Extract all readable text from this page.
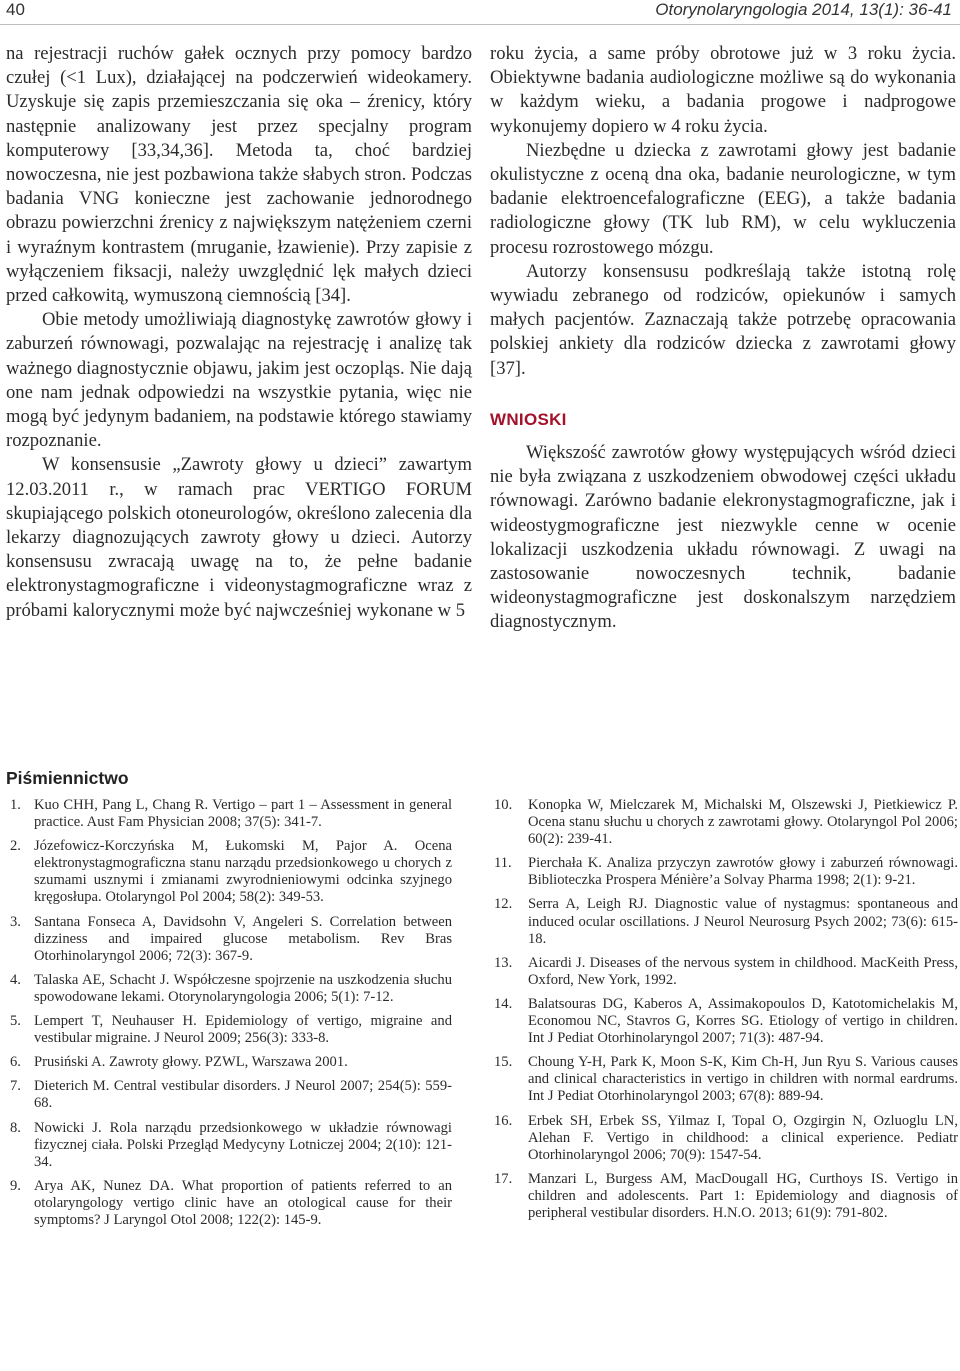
40	Otorynolaryngologia 2014, 13(1): 36-41

na rejestracji ruchów gałek ocznych przy pomocy bardzo czułej (<1 Lux), działającej na podczerwień wideokamery. Uzyskuje się zapis przemieszczania się oka – źrenicy, który następnie analizowany jest przez specjalny program komputerowy [33,34,36]. Metoda ta, choć bardziej nowoczesna, nie jest pozbawiona także słabych stron. Podczas badania VNG konieczne jest zachowanie jednorodnego obrazu powierzchni źrenicy z największym natężeniem czerni i wyraźnym kontrastem (mruganie, łzawienie). Przy zapisie z wyłączeniem fiksacji, należy uwzględnić lęk małych dzieci przed całkowitą, wymuszoną ciemnością [34].

Obie metody umożliwiają diagnostykę zawrotów głowy i zaburzeń równowagi, pozwalając na rejestrację i analizę tak ważnego diagnostycznie objawu, jakim jest oczopląs. Nie dają one nam jednak odpowiedzi na wszystkie pytania, więc nie mogą być jedynym badaniem, na podstawie którego stawiamy rozpoznanie.

W konsensusie „Zawroty głowy u dzieci” zawartym 12.03.2011 r., w ramach prac VERTIGO FORUM skupiającego polskich otoneurologów, określono zalecenia dla lekarzy diagnozujących zawroty głowy u dzieci. Autorzy konsensusu zwracają uwagę na to, że pełne badanie elektronystagmograficzne i videonystagmograficzne wraz z próbami kalorycznymi może być najwcześniej wykonane w 5

roku życia, a same próby obrotowe już w 3 roku życia. Obiektywne badania audiologiczne możliwe są do wykonania w każdym wieku, a badania progowe i nadprogowe wykonujemy dopiero w 4 roku życia.

Niezbędne u dziecka z zawrotami głowy jest badanie okulistyczne z oceną dna oka, badanie neurologiczne, w tym badanie elektroencefalograficzne (EEG), a także badania radiologiczne głowy (TK lub RM), w celu wykluczenia procesu rozrostowego mózgu.

Autorzy konsensusu podkreślają także istotną rolę wywiadu zebranego od rodziców, opiekunów i samych małych pacjentów. Zaznaczają także potrzebę opracowania polskiej ankiety dla rodziców dziecka z zawrotami głowy [37].

WNIOSKI

Większość zawrotów głowy występujących wśród dzieci nie była związana z uszkodzeniem obwodowej części układu równowagi. Zarówno badanie elekronystagmograficzne, jak i wideostygmograficzne jest niezwykle cenne w ocenie lokalizacji uszkodzenia układu równowagi. Z uwagi na zastosowanie nowoczesnych technik, badanie wideonystagmograficzne jest doskonalszym narzędziem diagnostycznym.

Piśmiennictwo
1. Kuo CHH, Pang L, Chang R. Vertigo – part 1 – Assessment in general practice. Aust Fam Physician 2008; 37(5): 341-7.
2. Józefowicz-Korczyńska M, Łukomski M, Pajor A. Ocena elektronystagmograficzna stanu narządu przedsionkowego u chorych z szumami usznymi i zmianami zwyrodnieniowymi odcinka szyjnego kręgosłupa. Otolaryngol Pol 2004; 58(2): 349-53.
3. Santana Fonseca A, Davidsohn V, Angeleri S. Correlation between dizziness and impaired glucose metabolism. Rev Bras Otorhinolaryngol 2006; 72(3): 367-9.
4. Talaska AE, Schacht J. Współczesne spojrzenie na uszkodzenia słuchu spowodowane lekami. Otorynolaryngologia 2006; 5(1): 7-12.
5. Lempert T, Neuhauser H. Epidemiology of vertigo, migraine and vestibular migraine. J Neurol 2009; 256(3): 333-8.
6. Prusiński A. Zawroty głowy. PZWL, Warszawa 2001.
7. Dieterich M. Central vestibular disorders. J Neurol 2007; 254(5): 559-68.
8. Nowicki J. Rola narządu przedsionkowego w układzie równowagi fizycznej ciała. Polski Przegląd Medycyny Lotniczej 2004; 2(10): 121-34.
9. Arya AK, Nunez DA. What proportion of patients referred to an otolaryngology vertigo clinic have an otological cause for their symptoms? J Laryngol Otol 2008; 122(2): 145-9.
10. Konopka W, Mielczarek M, Michalski M, Olszewski J, Pietkiewicz P. Ocena stanu słuchu u chorych z zawrotami głowy. Otolaryngol Pol 2006; 60(2): 239-41.
11. Pierchała K. Analiza przyczyn zawrotów głowy i zaburzeń równowagi. Biblioteczka Prospera Ménière’a Solvay Pharma 1998; 2(1): 9-21.
12. Serra A, Leigh RJ. Diagnostic value of nystagmus: spontaneous and induced ocular oscillations. J Neurol Neurosurg Psych 2002; 73(6): 615-18.
13. Aicardi J. Diseases of the nervous system in childhood. MacKeith Press, Oxford, New York, 1992.
14. Balatsouras DG, Kaberos A, Assimakopoulos D, Katotomichelakis M, Economou NC, Stavros G, Korres SG. Etiology of vertigo in children. Int J Pediat Otorhinolaryngol 2007; 71(3): 487-94.
15. Choung Y-H, Park K, Moon S-K, Kim Ch-H, Jun Ryu S. Various causes and clinical characteristics in vertigo in children with normal eardrums. Int J Pediat Otorhinolaryngol 2003; 67(8): 889-94.
16. Erbek SH, Erbek SS, Yilmaz I, Topal O, Ozgirgin N, Ozluoglu LN, Alehan F. Vertigo in childhood: a clinical experience. Pediatr Otorhinolaryngol 2006; 70(9): 1547-54.
17. Manzari L, Burgess AM, MacDougall HG, Curthoys IS. Vertigo in children and adolescents. Part 1: Epidemiology and diagnosis of peripheral vestibular disorders. H.N.O. 2013; 61(9): 791-802.
